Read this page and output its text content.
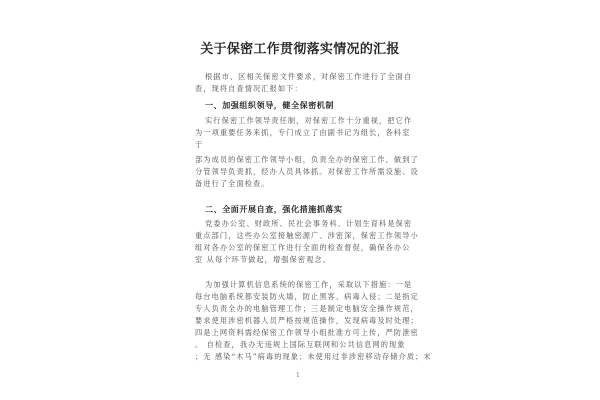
关于保密工作贯彻落实情况的汇报
根据市、区相关保密文件要求，对保密工作进行了全面自
查，现将自查情况汇报如下：
一、加强组织领导，健全保密机制
实行保密工作领导责任制，对保密工作十分重视，把它作
为一项重要任务来抓，专门成立了由副书记为组长，各科室
于
部为成员的保密工作领导小组，负责全办的保密工作，做到了
分管领导负责抓，经办人员具体抓。对保密工作所需设施、设
备进行了全面检查。
二、全面开展自查，强化措施抓落实
党委办公室、财政所、民社会事务科、计划生育科是保密
重点部门，这些办公室接触密源广、涉密深，保密工作领导小
组对各办公室的保密工作进行全面的检查督促，确保各办公
室 从每个环节做起，增强保密观念。
为加强计算机信息系统的保密工作，采取以下措施：一是
每台电脑系统都安装防火墙，防止黑客、病毒入侵；二是指定
专人负责全办的电脑管理工作；三是制定电脑安全操作规范，
要求使用涉密机器人员严格按规范操作，发现病毒及时处理；
四是上网资料需经保密工作领导小组批准方可上传，严防泄密
。 自检查，我办无违规上国际互联网和公共信息网的现象
；无 感染“木马”病毒的现象；未使用过非涉密移动存储介质；未
1
